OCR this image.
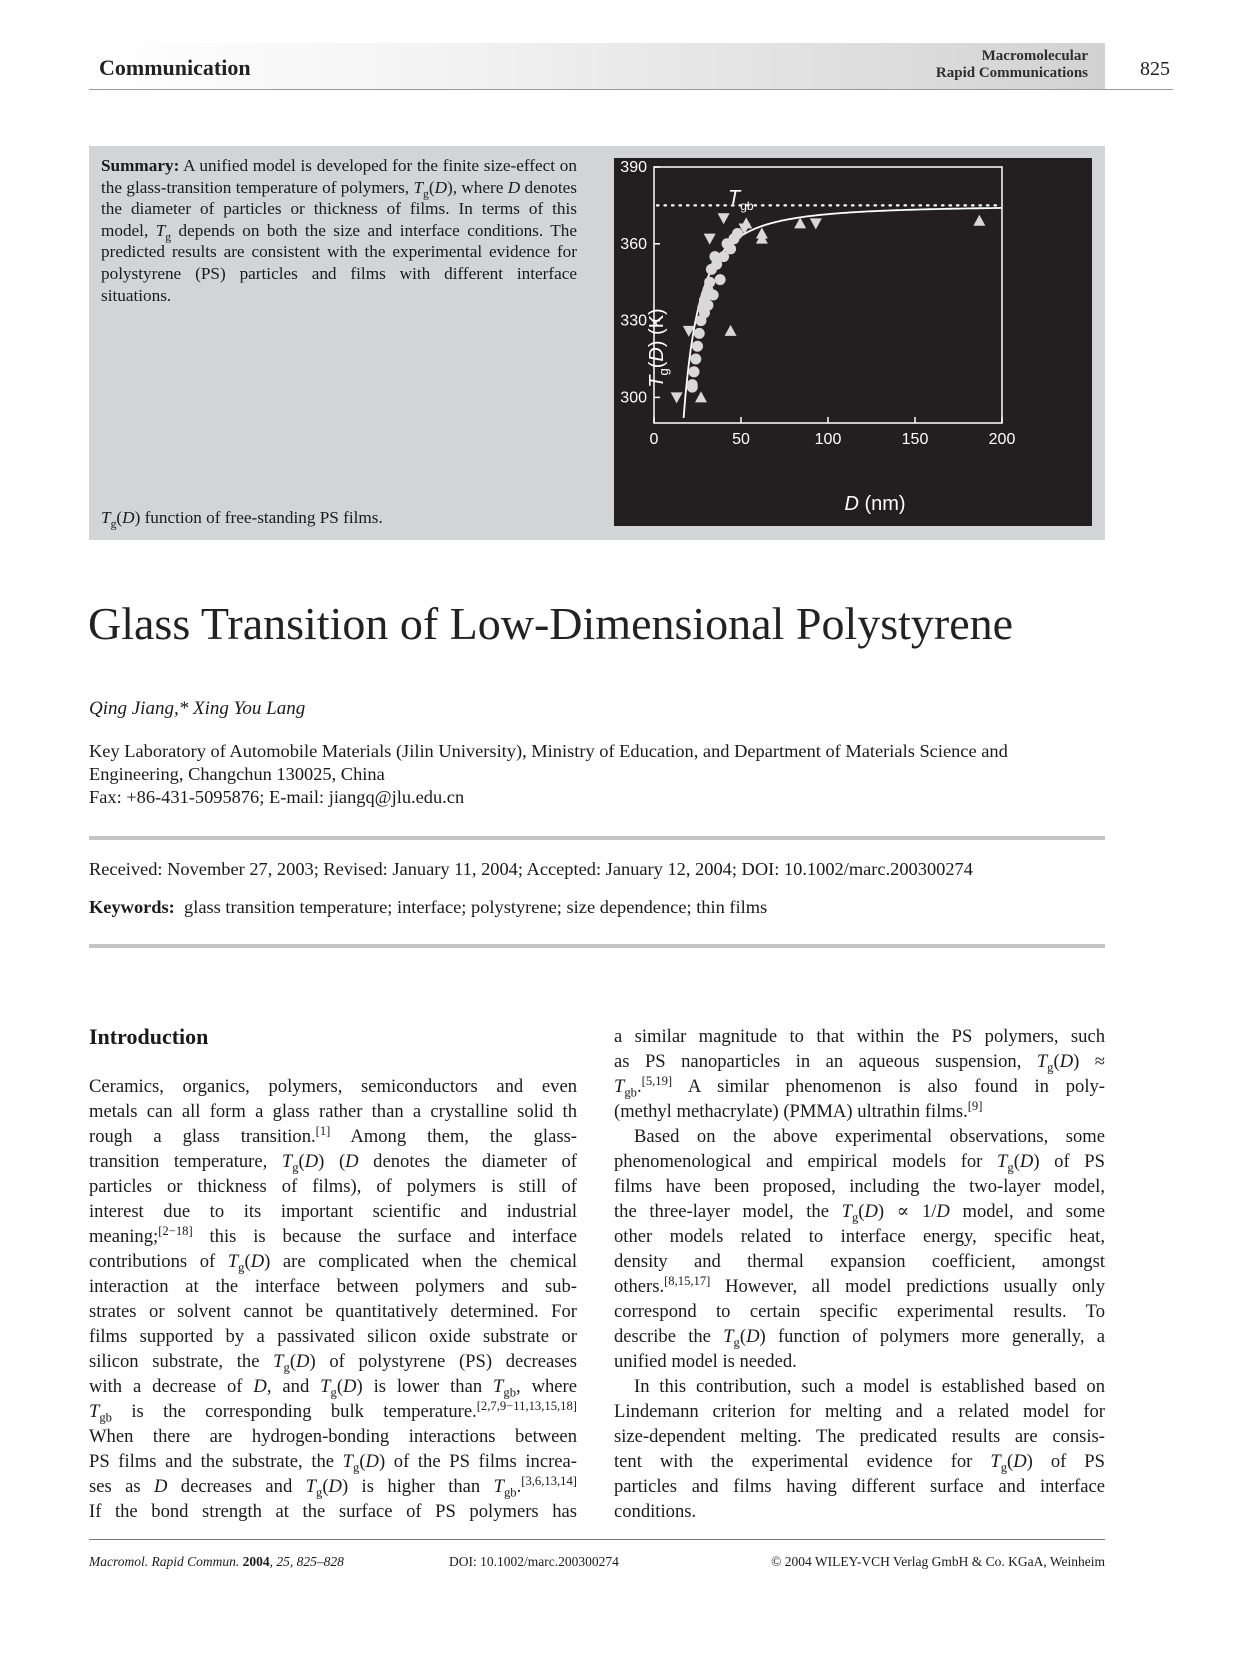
Communication	Macromolecular
Rapid Communications	825
Summary: A unified model is developed for the finite size-effect on the glass-transition temperature of polymers, $T_g(D)$, where D denotes the diameter of particles or thickness of films. In terms of this model, $T_g$ depends on both the size and interface conditions. The predicted results are consistent with the experimental evidence for polystyrene (PS) particles and films with different interface situations.
$T_g(D)$ function of free-standing PS films.
0	50	100	150	200
300
330
360
390
D (nm)
$T_g(D)$ (K)
$T_{gb}$
Glass Transition of Low-Dimensional Polystyrene
Qing Jiang,* Xing You Lang
Key Laboratory of Automobile Materials (Jilin University), Ministry of Education, and Department of Materials Science and
Engineering, Changchun 130025, China
Fax: +86-431-5095876; E-mail: jiangq@jlu.edu.cn
Received: November 27, 2003; Revised: January 11, 2004; Accepted: January 12, 2004; DOI: 10.1002/marc.200300274
Keywords: glass transition temperature; interface; polystyrene; size dependence; thin films
Introduction
Ceramics, organics, polymers, semiconductors and even
metals can all form a glass rather than a crystalline solid th
rough a glass transition.[1] Among them, the glass-
transition temperature, $T_g(D)$ (D denotes the diameter of
particles or thickness of films), of polymers is still of
interest due to its important scientific and industrial
meaning;[2−18] this is because the surface and interface
contributions of $T_g(D)$ are complicated when the chemical
interaction at the interface between polymers and sub-
strates or solvent cannot be quantitatively determined. For
films supported by a passivated silicon oxide substrate or
silicon substrate, the $T_g(D)$ of polystyrene (PS) decreases
with a decrease of D, and $T_g(D)$ is lower than $T_{gb}$, where
$T_{gb}$ is the corresponding bulk temperature.[2,7,9−11,13,15,18]
When there are hydrogen-bonding interactions between
PS films and the substrate, the $T_g(D)$ of the PS films increa-
ses as D decreases and $T_g(D)$ is higher than $T_{gb}.[3,6,13,14]$
If the bond strength at the surface of PS polymers has
a similar magnitude to that within the PS polymers, such
as PS nanoparticles in an aqueous suspension, $T_g(D)$ ≈
$T_{gb}.[5,19]$ A similar phenomenon is also found in poly-
(methyl methacrylate) (PMMA) ultrathin films.[9]
Based on the above experimental observations, some
phenomenological and empirical models for $T_g(D)$ of PS
films have been proposed, including the two-layer model,
the three-layer model, the $T_g(D) \propto 1/D$ model, and some
other models related to interface energy, specific heat,
density and thermal expansion coefficient, amongst
others.[8,15,17] However, all model predictions usually only
correspond to certain specific experimental results. To
describe the $T_g(D)$ function of polymers more generally, a
unified model is needed.
In this contribution, such a model is established based on
Lindemann criterion for melting and a related model for
size-dependent melting. The predicated results are consis-
tent with the experimental evidence for $T_g(D)$ of PS
particles and films having different surface and interface
conditions.
Macromol. Rapid Commun. 2004, 25, 825–828	DOI: 10.1002/marc.200300274	© 2004 WILEY-VCH Verlag GmbH & Co. KGaA, Weinheim
